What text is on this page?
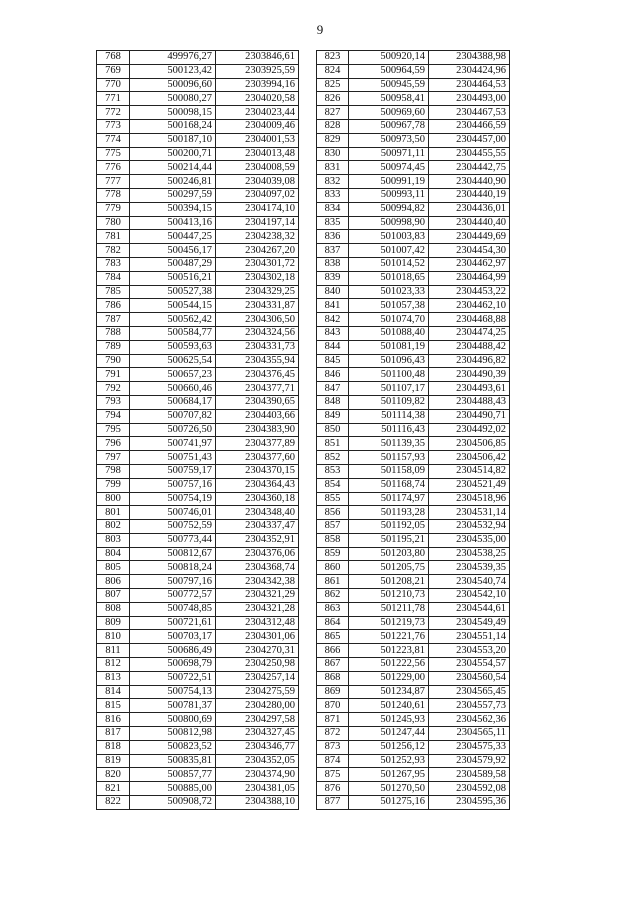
9
768	499976,27	2303846,61
769	500123,42	2303925,59
770	500096,60	2303994,16
771	500080,27	2304020,58
772	500098,15	2304023,44
773	500168,24	2304009,46
774	500187,10	2304001,53
775	500200,71	2304013,48
776	500214,44	2304008,59
777	500246,81	2304039,08
778	500297,59	2304097,02
779	500394,15	2304174,10
780	500413,16	2304197,14
781	500447,25	2304238,32
782	500456,17	2304267,20
783	500487,29	2304301,72
784	500516,21	2304302,18
785	500527,38	2304329,25
786	500544,15	2304331,87
787	500562,42	2304306,50
788	500584,77	2304324,56
789	500593,63	2304331,73
790	500625,54	2304355,94
791	500657,23	2304376,45
792	500660,46	2304377,71
793	500684,17	2304390,65
794	500707,82	2304403,66
795	500726,50	2304383,90
796	500741,97	2304377,89
797	500751,43	2304377,60
798	500759,17	2304370,15
799	500757,16	2304364,43
800	500754,19	2304360,18
801	500746,01	2304348,40
802	500752,59	2304337,47
803	500773,44	2304352,91
804	500812,67	2304376,06
805	500818,24	2304368,74
806	500797,16	2304342,38
807	500772,57	2304321,29
808	500748,85	2304321,28
809	500721,61	2304312,48
810	500703,17	2304301,06
811	500686,49	2304270,31
812	500698,79	2304250,98
813	500722,51	2304257,14
814	500754,13	2304275,59
815	500781,37	2304280,00
816	500800,69	2304297,58
817	500812,98	2304327,45
818	500823,52	2304346,77
819	500835,81	2304352,05
820	500857,77	2304374,90
821	500885,00	2304381,05
822	500908,72	2304388,10
823	500920,14	2304388,98
824	500964,59	2304424,96
825	500945,59	2304464,53
826	500958,41	2304493,00
827	500969,60	2304467,53
828	500967,78	2304466,59
829	500973,50	2304457,00
830	500971,11	2304455,55
831	500974,45	2304442,75
832	500991,19	2304440,90
833	500993,11	2304440,19
834	500994,82	2304436,01
835	500998,90	2304440,40
836	501003,83	2304449,69
837	501007,42	2304454,30
838	501014,52	2304462,97
839	501018,65	2304464,99
840	501023,33	2304453,22
841	501057,38	2304462,10
842	501074,70	2304468,88
843	501088,40	2304474,25
844	501081,19	2304488,42
845	501096,43	2304496,82
846	501100,48	2304490,39
847	501107,17	2304493,61
848	501109,82	2304488,43
849	501114,38	2304490,71
850	501116,43	2304492,02
851	501139,35	2304506,85
852	501157,93	2304506,42
853	501158,09	2304514,82
854	501168,74	2304521,49
855	501174,97	2304518,96
856	501193,28	2304531,14
857	501192,05	2304532,94
858	501195,21	2304535,00
859	501203,80	2304538,25
860	501205,75	2304539,35
861	501208,21	2304540,74
862	501210,73	2304542,10
863	501211,78	2304544,61
864	501219,73	2304549,49
865	501221,76	2304551,14
866	501223,81	2304553,20
867	501222,56	2304554,57
868	501229,00	2304560,54
869	501234,87	2304565,45
870	501240,61	2304557,73
871	501245,93	2304562,36
872	501247,44	2304565,11
873	501256,12	2304575,33
874	501252,93	2304579,92
875	501267,95	2304589,58
876	501270,50	2304592,08
877	501275,16	2304595,36
